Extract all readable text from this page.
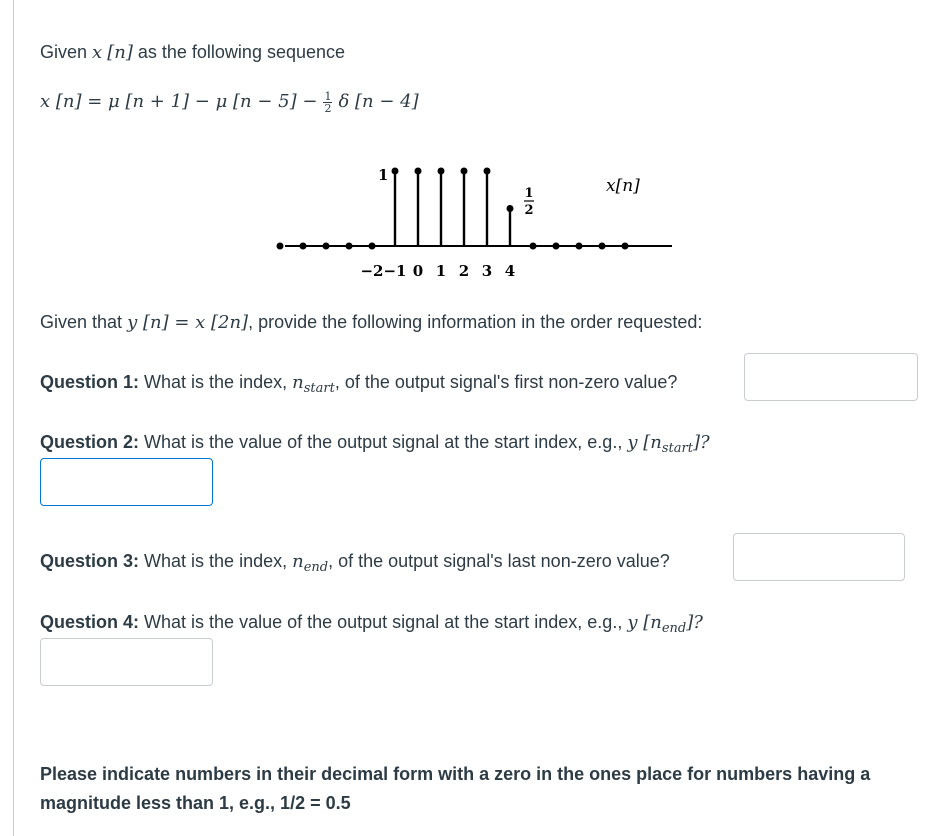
Given x [n] as the following sequence
x [n] = μ [n + 1] − μ $[n - 5] - \frac{1}{2}$ δ [n − 4]
1
1
2
x[n]
−2 −1 0 1 2 3 4
Given that y [n] = x [2n], provide the following information in the order requested:
Question 1: What is the index, $n_{start}$, of the output signal's first non-zero value?
Question 2: What is the value of the output signal at the start index, e.g., y $[n_{start}]$?
Question 3: What is the index, $n_{end}$, of the output signal's last non-zero value?
Question 4: What is the value of the output signal at the start index, e.g., y $[n_{end}]$?
Please indicate numbers in their decimal form with a zero in the ones place for numbers having a magnitude less than 1, e.g., 1/2 = 0.5
